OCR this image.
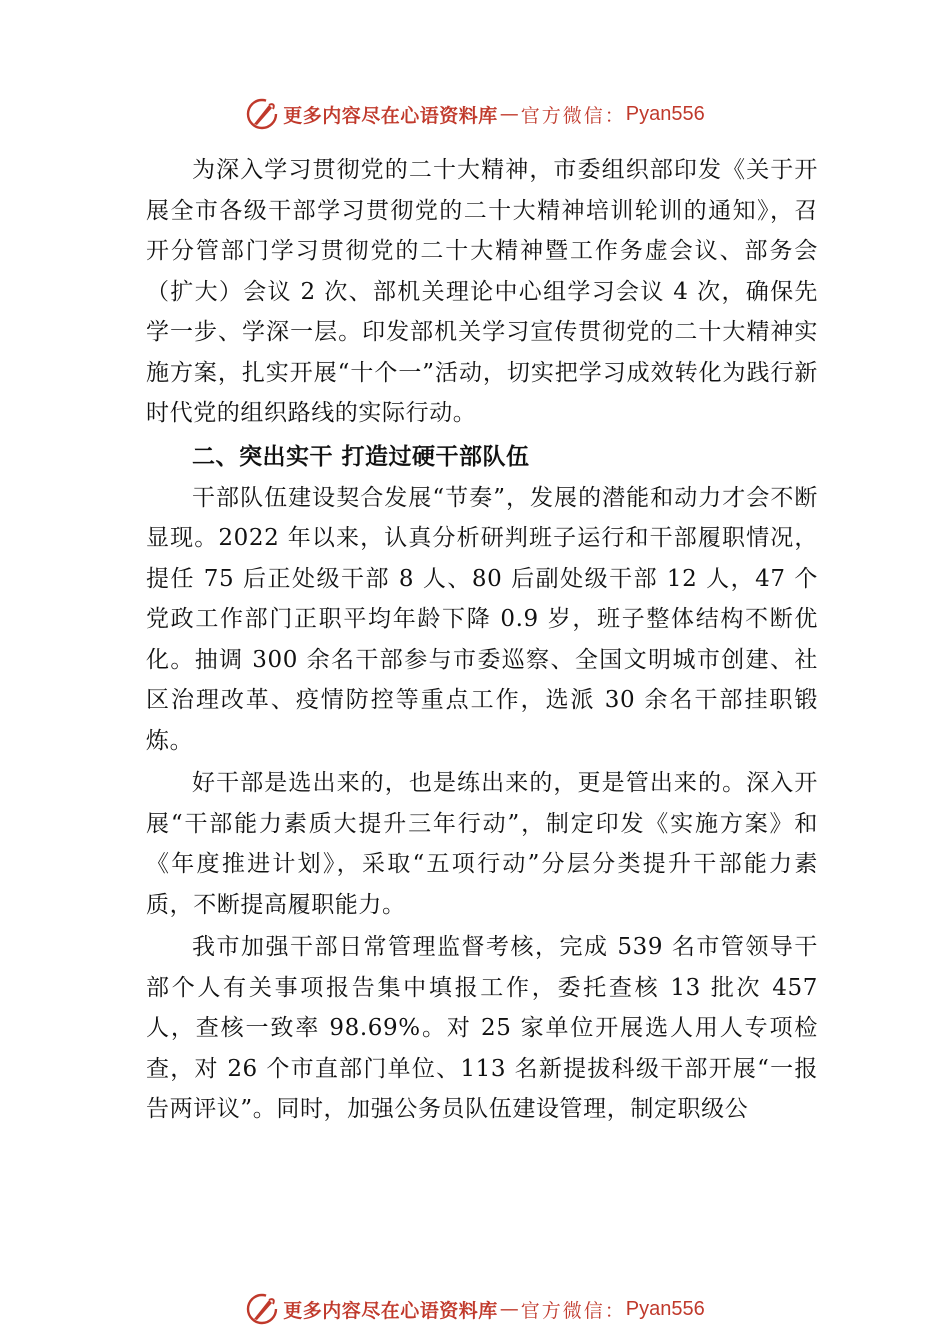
更多内容尽在心语资料库 — 官方微信： Pyan556

为深入学习贯彻党的二十大精神，市委组织部印发《关于开展全市各级干部学习贯彻党的二十大精神培训轮训的通知》，召开分管部门学习贯彻党的二十大精神暨工作务虚会议、部务会（扩大）会议 2 次、部机关理论中心组学习会议 4 次，确保先学一步、学深一层。印发部机关学习宣传贯彻党的二十大精神实施方案，扎实开展“十个一”活动，切实把学习成效转化为践行新时代党的组织路线的实际行动。

二、突出实干 打造过硬干部队伍

干部队伍建设契合发展“节奏”，发展的潜能和动力才会不断显现。2022 年以来，认真分析研判班子运行和干部履职情况，提任 75 后正处级干部 8 人、80 后副处级干部 12 人，47 个党政工作部门正职平均年龄下降 0.9 岁，班子整体结构不断优化。抽调 300 余名干部参与市委巡察、全国文明城市创建、社区治理改革、疫情防控等重点工作，选派 30 余名干部挂职锻炼。

好干部是选出来的，也是练出来的，更是管出来的。深入开展“干部能力素质大提升三年行动”，制定印发《实施方案》和《年度推进计划》，采取“五项行动”分层分类提升干部能力素质，不断提高履职能力。

我市加强干部日常管理监督考核，完成 539 名市管领导干部个人有关事项报告集中填报工作，委托查核 13 批次 457 人，查核一致率 98.69%。对 25 家单位开展选人用人专项检查，对 26 个市直部门单位、113 名新提拔科级干部开展“一报告两评议”。同时，加强公务员队伍建设管理，制定职级公

更多内容尽在心语资料库 — 官方微信： Pyan556
